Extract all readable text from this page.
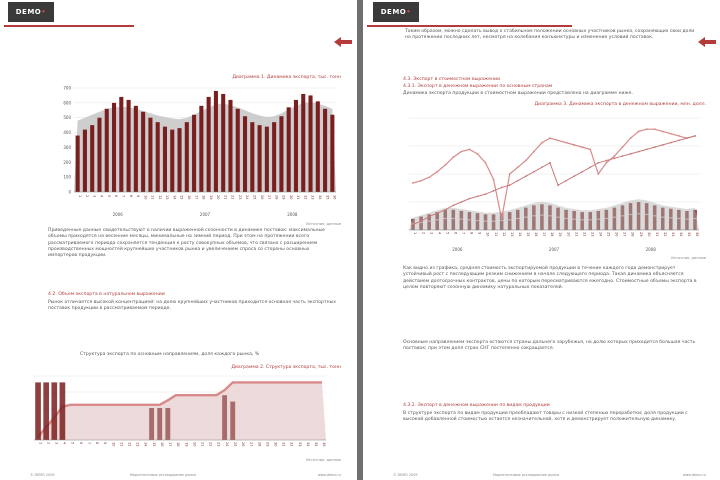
DEMO•
Диаграмма 1. Динамика экспорта, тыс. тонн
700
600
500
400
300
200
100
0
1 2 3 4 5 6 7 8 9 10 11 12 13 14 15 16 17 18 19 20 21 22 23 24 25 26 27 28 29 30 31 32 33 34 35 36
2006	2007	2008
Источник: данные
Приведенные данные свидетельствуют о наличии выраженной сезонности в динамике поставок: максимальные объемы приходятся на весенние месяцы, минимальные на зимний период. При этом на протяжении всего рассматриваемого периода сохраняется тенденция к росту совокупных объемов, что связано с расширением производственных мощностей крупнейших участников рынка и увеличением спроса со стороны основных импортеров продукции.
4.2. Объем экспорта в натуральном выражении
Рынок отличается высокой концентрацией: на долю крупнейших участников приходится основная часть экспортных поставок продукции в рассматриваемом периоде.
Структура экспорта по основным направлениям, доля каждого рынка, %
Диаграмма 2. Структура экспорта, тыс. тонн
1 2 3 4 5 6 7 8 9 10 11 12 13 14 15 16 17 18 19 20 21 22 23 24 25 26 27 28 29 30 31 32 33 34 35 36
Источник: данные
© DEMO 2009	Маркетинговое исследование рынка	www.demo.ru
DEMO•
Таким образом, можно сделать вывод о стабильном положении основных участников рынка, сохраняющих свои доли на протяжении последних лет, несмотря на колебания конъюнктуры и изменение условий поставок.
4.3. Экспорт в стоимостном выражении
4.3.1. Экспорт в денежном выражении по основным странам
Динамика экспорта продукции в стоимостном выражении представлена на диаграмме ниже.
Диаграмма 3. Динамика экспорта в денежном выражении, млн. долл.
1 2 3 4 5 6 7 8 9 10 11 12 13 14 15 16 17 18 19 20 21 22 23 24 25 26 27 28 29 30 31 32 33 34 35 36
2006	2007	2008
Источник: данные
Как видно из графика, средняя стоимость экспортируемой продукции в течение каждого года демонстрирует устойчивый рост с последующим резким снижением в начале следующего периода. Такая динамика объясняется действием долгосрочных контрактов, цены по которым пересматриваются ежегодно. Стоимостные объемы экспорта в целом повторяют сезонную динамику натуральных показателей.
Основным направлением экспорта остаются страны дальнего зарубежья, на долю которых приходится большая часть поставок; при этом доля стран СНГ постепенно сокращается.
4.3.2. Экспорт в денежном выражении по видам продукции
В структуре экспорта по видам продукции преобладают товары с низкой степенью переработки; доля продукции с высокой добавленной стоимостью остается незначительной, хотя и демонстрирует положительную динамику.
© DEMO 2009	Маркетинговое исследование рынка	www.demo.ru
